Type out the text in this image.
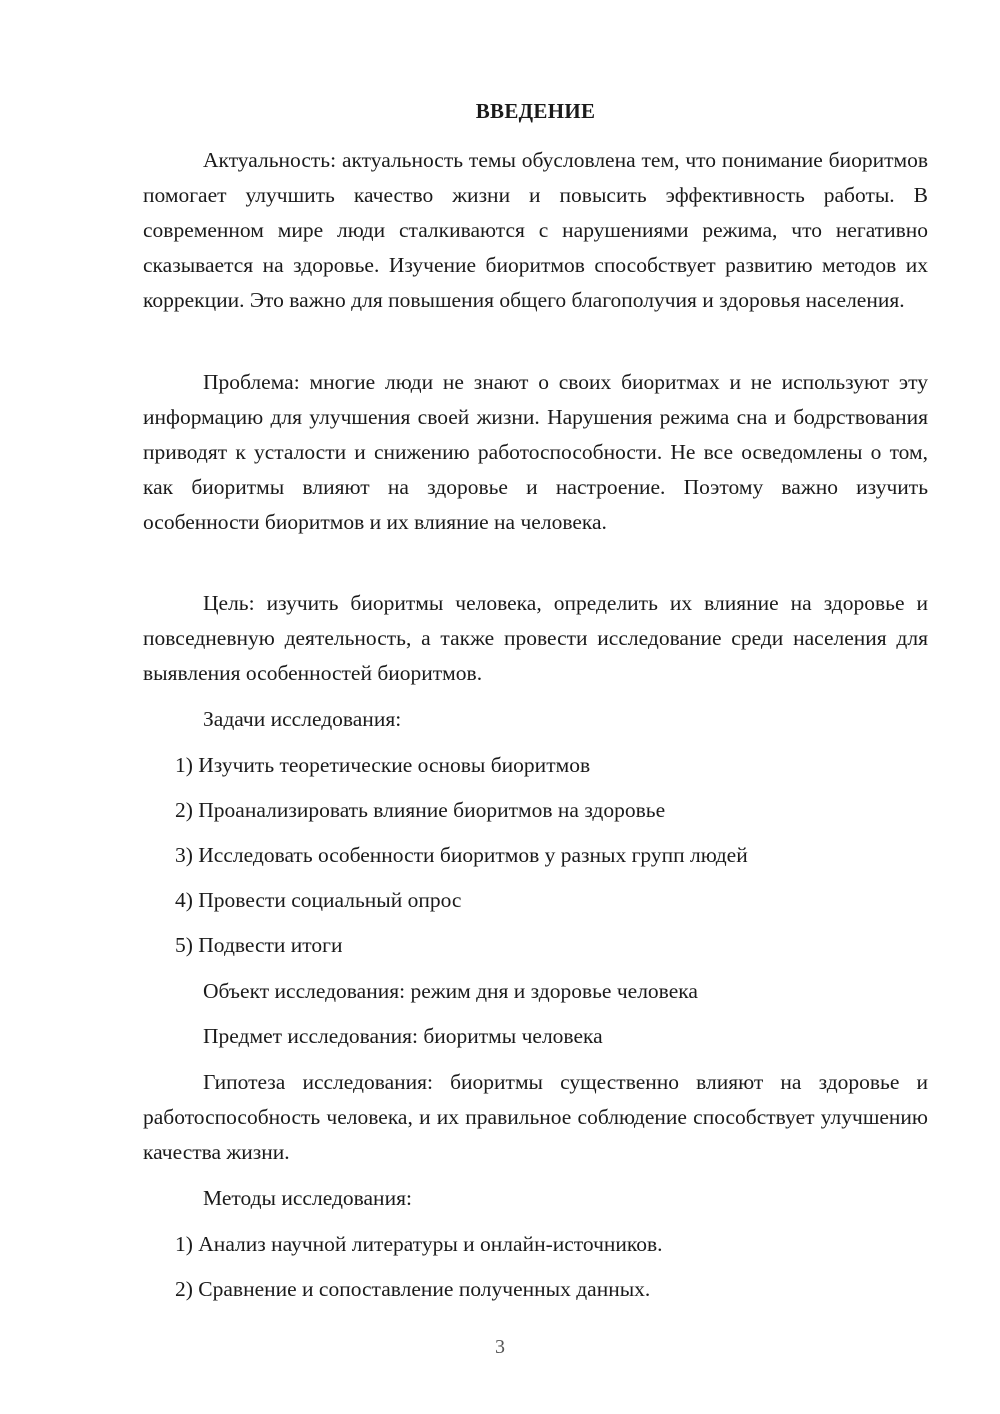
ВВЕДЕНИЕ

Актуальность: актуальность темы обусловлена тем, что понимание биоритмов помогает улучшить качество жизни и повысить эффективность работы. В современном мире люди сталкиваются с нарушениями режима, что негативно сказывается на здоровье. Изучение биоритмов способствует развитию методов их коррекции. Это важно для повышения общего благополучия и здоровья населения.

Проблема: многие люди не знают о своих биоритмах и не используют эту информацию для улучшения своей жизни. Нарушения режима сна и бодрствования приводят к усталости и снижению работоспособности. Не все осведомлены о том, как биоритмы влияют на здоровье и настроение. Поэтому важно изучить особенности биоритмов и их влияние на человека.

Цель: изучить биоритмы человека, определить их влияние на здоровье и повседневную деятельность, а также провести исследование среди населения для выявления особенностей биоритмов.

Задачи исследования:

1) Изучить теоретические основы биоритмов

2) Проанализировать влияние биоритмов на здоровье

3) Исследовать особенности биоритмов у разных групп людей

4) Провести социальный опрос

5) Подвести итоги

Объект исследования: режим дня и здоровье человека

Предмет исследования: биоритмы человека

Гипотеза исследования: биоритмы существенно влияют на здоровье и работоспособность человека, и их правильное соблюдение способствует улучшению качества жизни.

Методы исследования:

1) Анализ научной литературы и онлайн-источников.

2) Сравнение и сопоставление полученных данных.

3
